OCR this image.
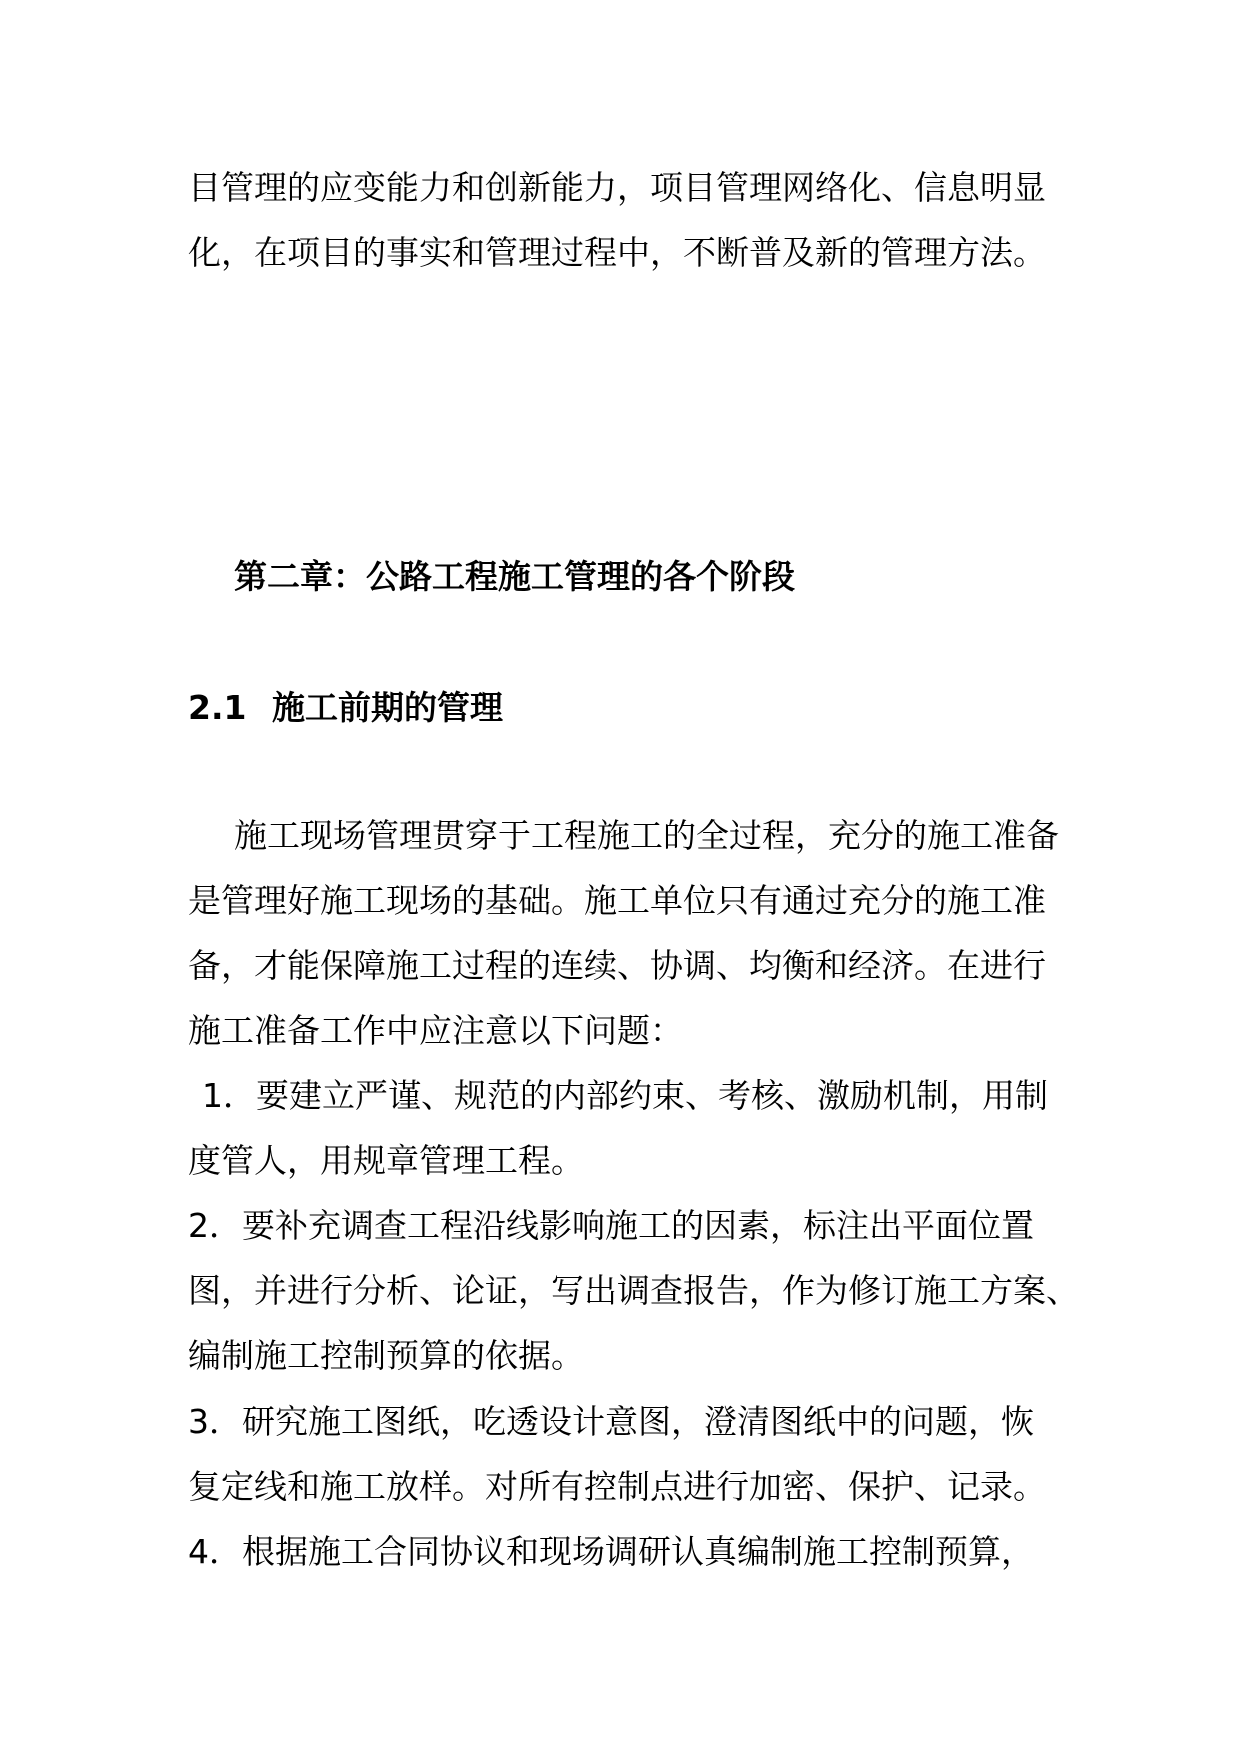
目管理的应变能力和创新能力，项目管理网络化、信息明显
化，在项目的事实和管理过程中，不断普及新的管理方法。
第二章：公路工程施工管理的各个阶段
2.1 施工前期的管理
施工现场管理贯穿于工程施工的全过程，充分的施工准备
是管理好施工现场的基础。施工单位只有通过充分的施工准
备，才能保障施工过程的连续、协调、均衡和经济。在进行
施工准备工作中应注意以下问题：
1．要建立严谨、规范的内部约束、考核、激励机制，用制
度管人，用规章管理工程。
2．要补充调查工程沿线影响施工的因素，标注出平面位置
图，并进行分析、论证，写出调查报告，作为修订施工方案、
编制施工控制预算的依据。
3．研究施工图纸，吃透设计意图，澄清图纸中的问题，恢
复定线和施工放样。对所有控制点进行加密、保护、记录。
4．根据施工合同协议和现场调研认真编制施工控制预算，
